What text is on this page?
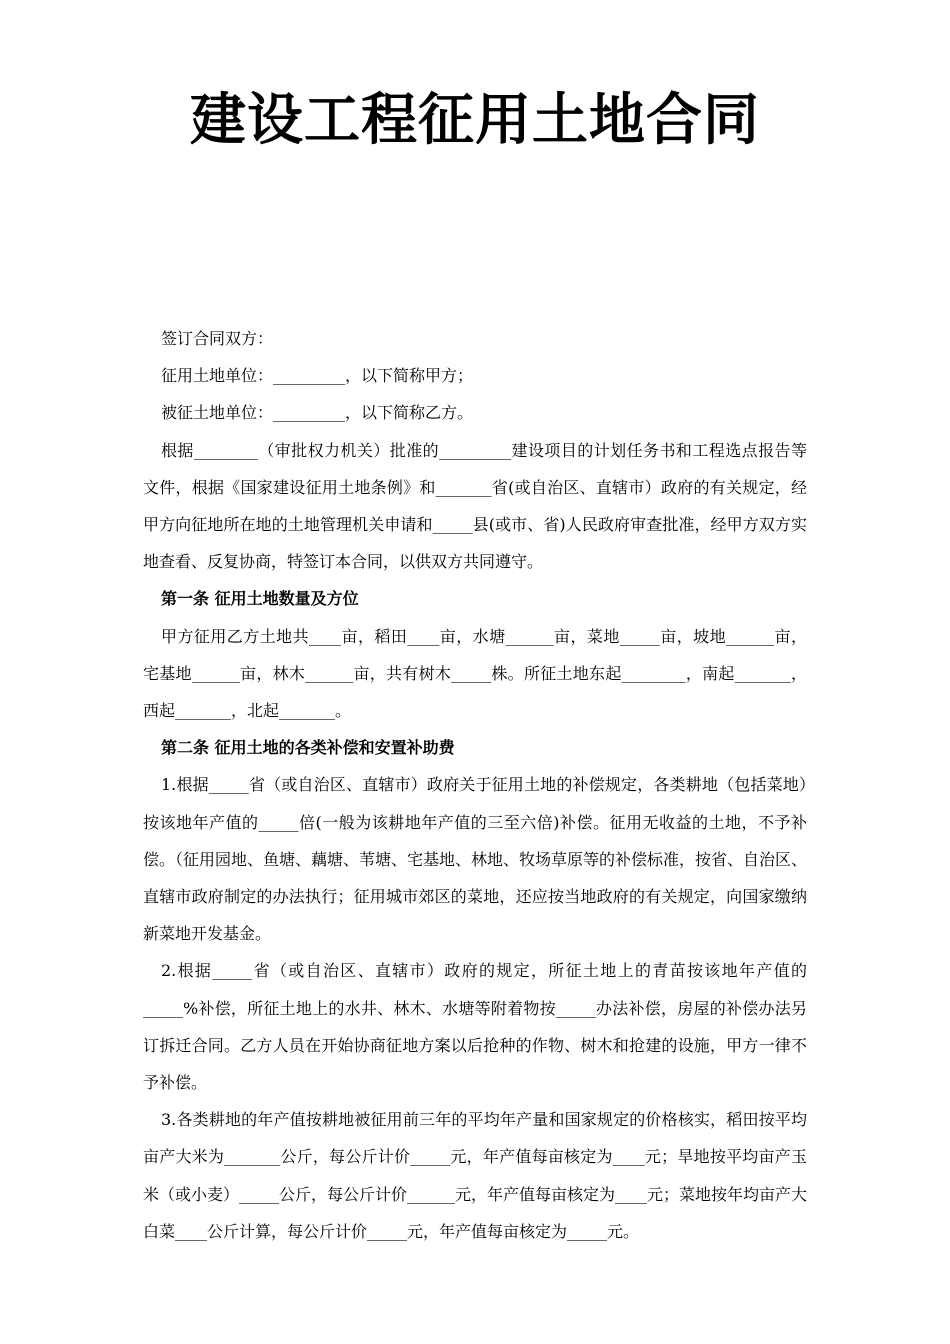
建设工程征用土地合同

签订合同双方：

征用土地单位：_________，以下简称甲方；

被征土地单位：_________，以下简称乙方。

根据________（审批权力机关）批准的_________建设项目的计划任务书和工程选点报告等文件，根据《国家建设征用土地条例》和_______省(或自治区、直辖市）政府的有关规定，经甲方向征地所在地的土地管理机关申请和_____县(或市、省)人民政府审查批准，经甲方双方实地查看、反复协商，特签订本合同，以供双方共同遵守。

第一条 征用土地数量及方位

甲方征用乙方土地共____亩，稻田____亩，水塘______亩，菜地_____亩，坡地______亩，宅基地______亩，林木______亩，共有树木_____株。所征土地东起________，南起_______，西起_______，北起_______。

第二条 征用土地的各类补偿和安置补助费

1.根据_____省（或自治区、直辖市）政府关于征用土地的补偿规定，各类耕地（包括菜地）按该地年产值的_____倍(一般为该耕地年产值的三至六倍)补偿。征用无收益的土地，不予补偿。（征用园地、鱼塘、藕塘、苇塘、宅基地、林地、牧场草原等的补偿标准，按省、自治区、直辖市政府制定的办法执行；征用城市郊区的菜地，还应按当地政府的有关规定，向国家缴纳新菜地开发基金。

2.根据_____省（或自治区、直辖市）政府的规定，所征土地上的青苗按该地年产值的_____%补偿，所征土地上的水井、林木、水塘等附着物按_____办法补偿，房屋的补偿办法另订拆迁合同。乙方人员在开始协商征地方案以后抢种的作物、树木和抢建的设施，甲方一律不予补偿。

3.各类耕地的年产值按耕地被征用前三年的平均年产量和国家规定的价格核实，稻田按平均亩产大米为_______公斤，每公斤计价_____元，年产值每亩核定为____元；旱地按平均亩产玉米（或小麦）_____公斤，每公斤计价______元，年产值每亩核定为____元；菜地按年均亩产大白菜____公斤计算，每公斤计价_____元，年产值每亩核定为_____元。
